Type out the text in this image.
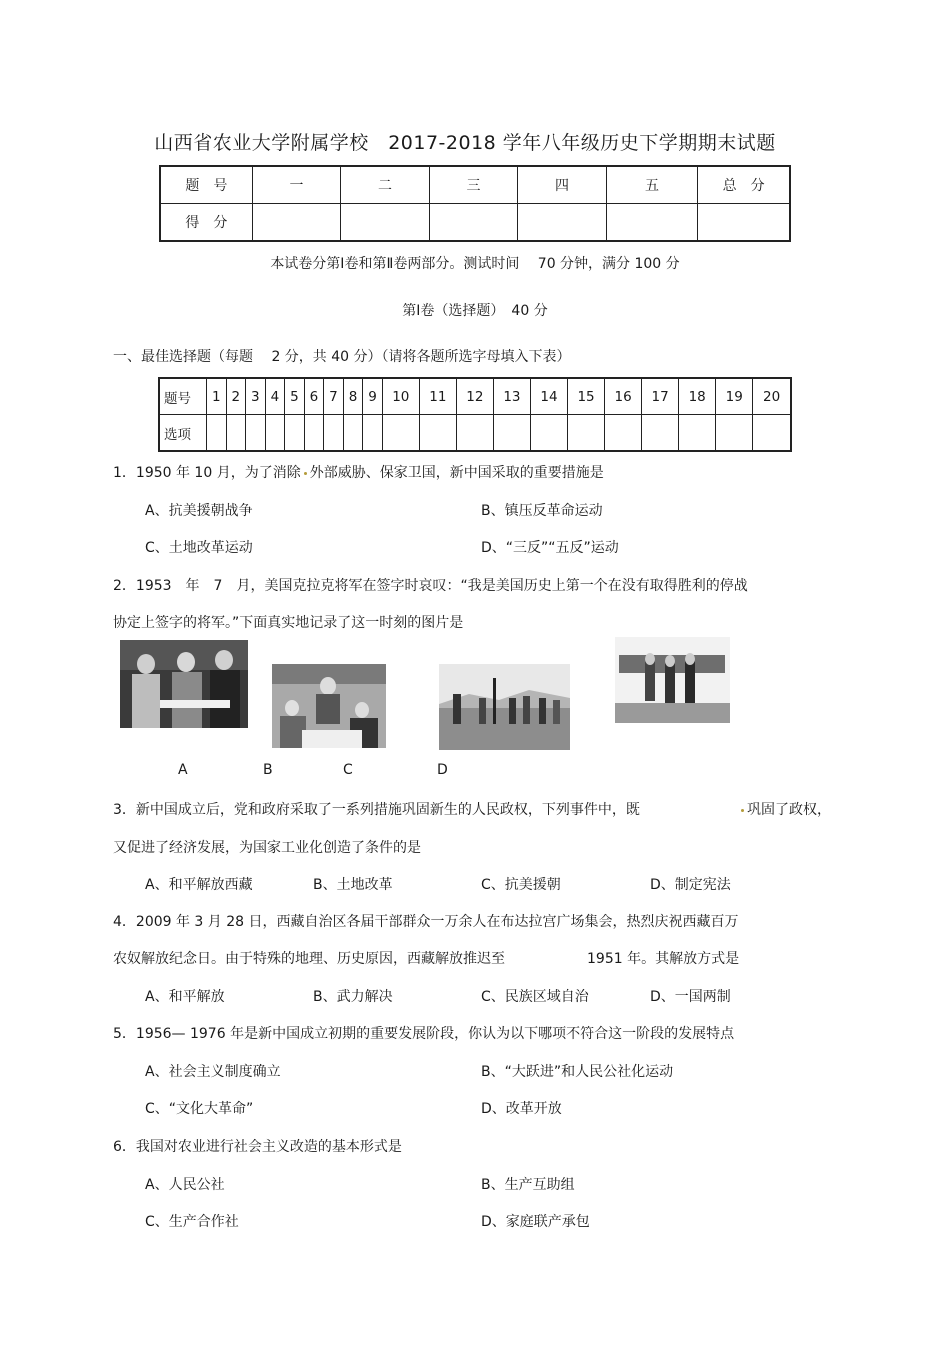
山西省农业大学附属学校　2017-2018 学年八年级历史下学期期末试题
题　号	一	二	三	四	五	总　分
得　分						
本试卷分第Ⅰ卷和第Ⅱ卷两部分。测试时间　 70 分钟，满分 100 分
第Ⅰ卷（选择题）　40 分
一、最佳选择题（每题　 2 分，共 40 分）（请将各题所选字母填入下表）
题号	1	2	3	4	5	6	7	8	9	10	11	12	13	14	15	16	17	18	19	20
选项																				
1．1950 年 10 月，为了消除 外部威胁、保家卫国，新中国采取的重要措施是
A、抗美援朝战争	B、镇压反革命运动
C、土地改革运动	D、“三反”“五反”运动
2．1953　年　7　月，美国克拉克将军在签字时哀叹：“我是美国历史上第一个在没有取得胜利的停战
协定上签字的将军。”下面真实地记录了这一时刻的图片是
A	B	C	D
3．新中国成立后，党和政府采取了一系列措施巩固新生的人民政权，下列事件中，既	巩固了政权，
又促进了经济发展，为国家工业化创造了条件的是
A、和平解放西藏	B、土地改革	C、抗美援朝	D、制定宪法
4．2009 年 3 月 28 日，西藏自治区各届干部群众一万余人在布达拉宫广场集会，热烈庆祝西藏百万
农奴解放纪念日。由于特殊的地理、历史原因，西藏解放推迟至	1951 年。其解放方式是
A、和平解放	B、武力解决	C、民族区域自治	D、一国两制
5．1956— 1976 年是新中国成立初期的重要发展阶段，你认为以下哪项不符合这一阶段的发展特点
A、社会主义制度确立	B、“大跃进”和人民公社化运动
C、“文化大革命”	D、改革开放
6．我国对农业进行社会主义改造的基本形式是
A、人民公社	B、生产互助组
C、生产合作社	D、家庭联产承包
